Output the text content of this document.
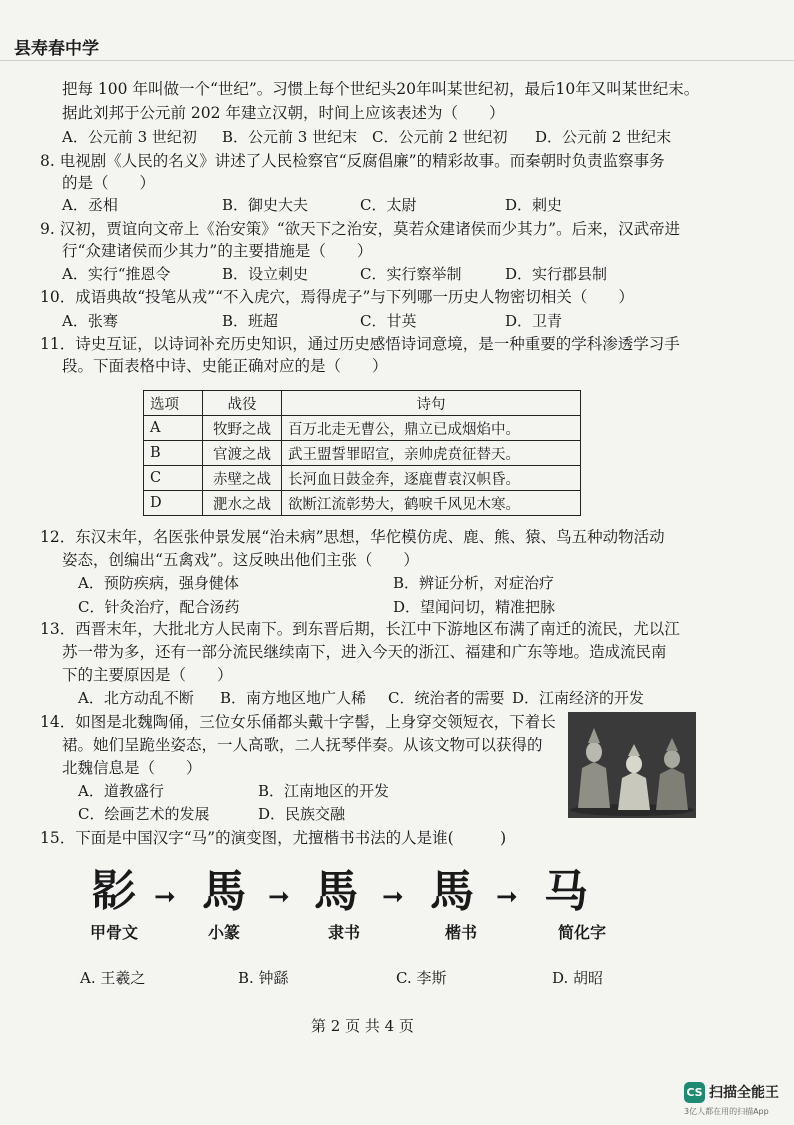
县寿春中学
把每 100 年叫做一个“世纪”。习惯上每个世纪头20年叫某世纪初，最后10年又叫某世纪末。
据此刘邦于公元前 202 年建立汉朝，时间上应该表述为（　　）
A．公元前 3 世纪初 B．公元前 3 世纪末 C．公元前 2 世纪初 D．公元前 2 世纪末
8. 电视剧《人民的名义》讲述了人民检察官“反腐倡廉”的精彩故事。而秦朝时负责监察事务
的是（　　）
A．丞相	B．御史大夫	C．太尉	D．刺史
9. 汉初，贾谊向文帝上《治安策》“欲天下之治安，莫若众建诸侯而少其力”。后来，汉武帝进
行“众建诸侯而少其力”的主要措施是（　　）
A．实行“推恩令	B．设立刺史	C．实行察举制	D．实行郡县制
10．成语典故“投笔从戎”“不入虎穴，焉得虎子”与下列哪一历史人物密切相关（　　）
A．张骞	B．班超	C．甘英	D．卫青
11．诗史互证，以诗词补充历史知识，通过历史感悟诗词意境，是一种重要的学科渗透学习手
段。下面表格中诗、史能正确对应的是（　　）
选项	战役	诗句
A	牧野之战	百万北走无曹公，鼎立已成烟焰中。
B	官渡之战	武王盟誓罪昭宣，亲帅虎贲征替天。
C	赤壁之战	长河血日鼓金奔，逐鹿曹袁汉帜昏。
D	淝水之战	欲断江流彰势大，鹤唳千风见木寒。
12．东汉末年，名医张仲景发展“治未病”思想，华佗模仿虎、鹿、熊、猿、鸟五种动物活动
姿态，创编出“五禽戏”。这反映出他们主张（　　）
A．预防疾病，强身健体	B．辨证分析，对症治疗
C．针灸治疗，配合汤药	D．望闻问切，精准把脉
13．西晋末年，大批北方人民南下。到东晋后期，长江中下游地区布满了南迁的流民，尤以江
苏一带为多，还有一部分流民继续南下，进入今天的浙江、福建和广东等地。造成流民南
下的主要原因是（　　）
A．北方动乱不断 B．南方地区地广人稀 C．统治者的需要 D．江南经济的开发
14．如图是北魏陶俑，三位女乐俑都头戴十字髻，上身穿交领短衣，下着长
裙。她们呈跪坐姿态，一人高歌，二人抚琴伴奏。从该文物可以获得的
北魏信息是（　　）
A．道教盛行	B．江南地区的开发
C．绘画艺术的发展	D．民族交融
15．下面是中国汉字“马”的演变图，尤擅楷书书法的人是谁(　　　)
𢒠 ➞ 馬 ➞ 馬 ➞ 馬 ➞ 马
甲骨文	小篆	隶书	楷书	简化字
A. 王羲之	B. 钟繇	C. 李斯	D. 胡昭
第 2 页 共 4 页
CS 扫描全能王
3亿人都在用的扫描App
